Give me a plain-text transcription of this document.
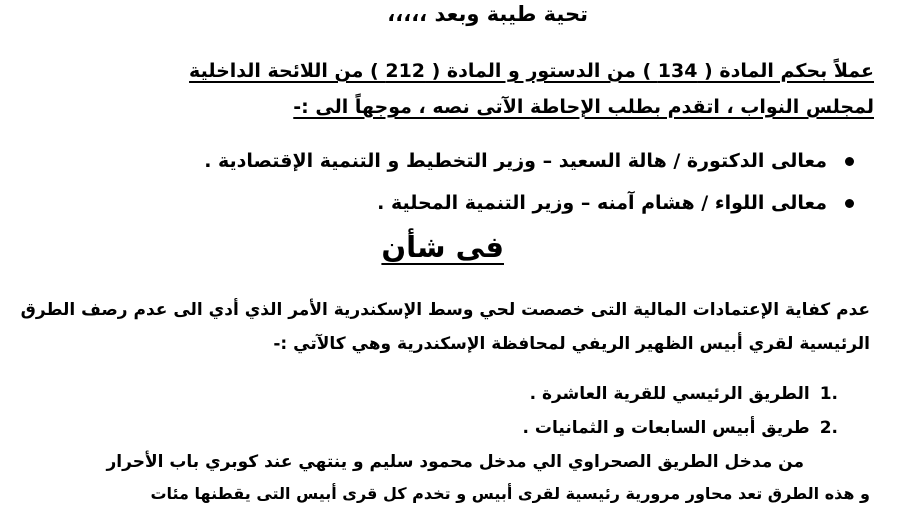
تحية طيبة وبعد ،،،،،
عملاً بحكم المادة ( 134 ) من الدستور و المادة ( 212 ) من اللائحة الداخلية
لمجلس النواب ، اتقدم بطلب الإحاطة الآتى نصه ، موجهاً الى :-
معالى الدكتورة / هالة السعيد – وزير التخطيط و التنمية الإقتصادية .
معالى اللواء / هشام آمنه – وزير التنمية المحلية .
فى شأن
عدم كفاية الإعتمادات المالية التى خصصت لحي وسط الإسكندرية الأمر الذي أدي الى عدم رصف الطرق
الرئيسية لقري أبيس الظهير الريفي لمحافظة الإسكندرية وهي كالآتي :-
1.الطريق الرئيسي للقرية العاشرة .
2.طريق أبيس السابعات و الثمانيات .
من مدخل الطريق الصحراوي الي مدخل محمود سليم و ينتهي عند كوبري باب الأحرار
و هذه الطرق تعد محاور مرورية رئيسية لقرى أبيس و تخدم كل قرى أبيس التى يقطنها مئات
